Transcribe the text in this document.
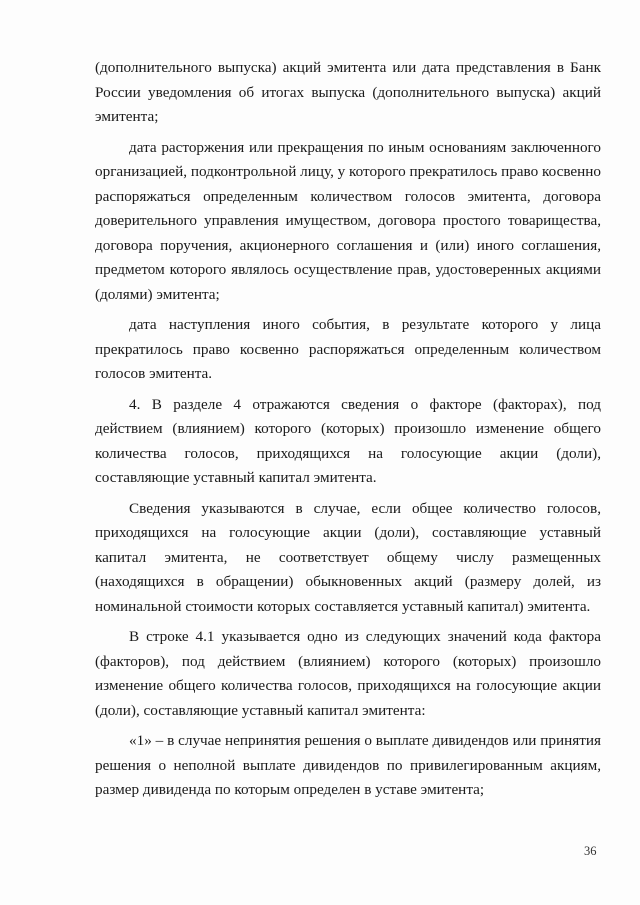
(дополнительного выпуска) акций эмитента или дата представления в Банк России уведомления об итогах выпуска (дополнительного выпуска) акций эмитента;

дата расторжения или прекращения по иным основаниям заключенного организацией, подконтрольной лицу, у которого прекратилось право косвенно распоряжаться определенным количеством голосов эмитента, договора доверительного управления имуществом, договора простого товарищества, договора поручения, акционерного соглашения и (или) иного соглашения, предметом которого являлось осуществление прав, удостоверенных акциями (долями) эмитента;

дата наступления иного события, в результате которого у лица прекратилось право косвенно распоряжаться определенным количеством голосов эмитента.

4. В разделе 4 отражаются сведения о факторе (факторах), под действием (влиянием) которого (которых) произошло изменение общего количества голосов, приходящихся на голосующие акции (доли), составляющие уставный капитал эмитента.

Сведения указываются в случае, если общее количество голосов, приходящихся на голосующие акции (доли), составляющие уставный капитал эмитента, не соответствует общему числу размещенных (находящихся в обращении) обыкновенных акций (размеру долей, из номинальной стоимости которых составляется уставный капитал) эмитента.

В строке 4.1 указывается одно из следующих значений кода фактора (факторов), под действием (влиянием) которого (которых) произошло изменение общего количества голосов, приходящихся на голосующие акции (доли), составляющие уставный капитал эмитента:

«1» – в случае непринятия решения о выплате дивидендов или принятия решения о неполной выплате дивидендов по привилегированным акциям, размер дивиденда по которым определен в уставе эмитента;

36
